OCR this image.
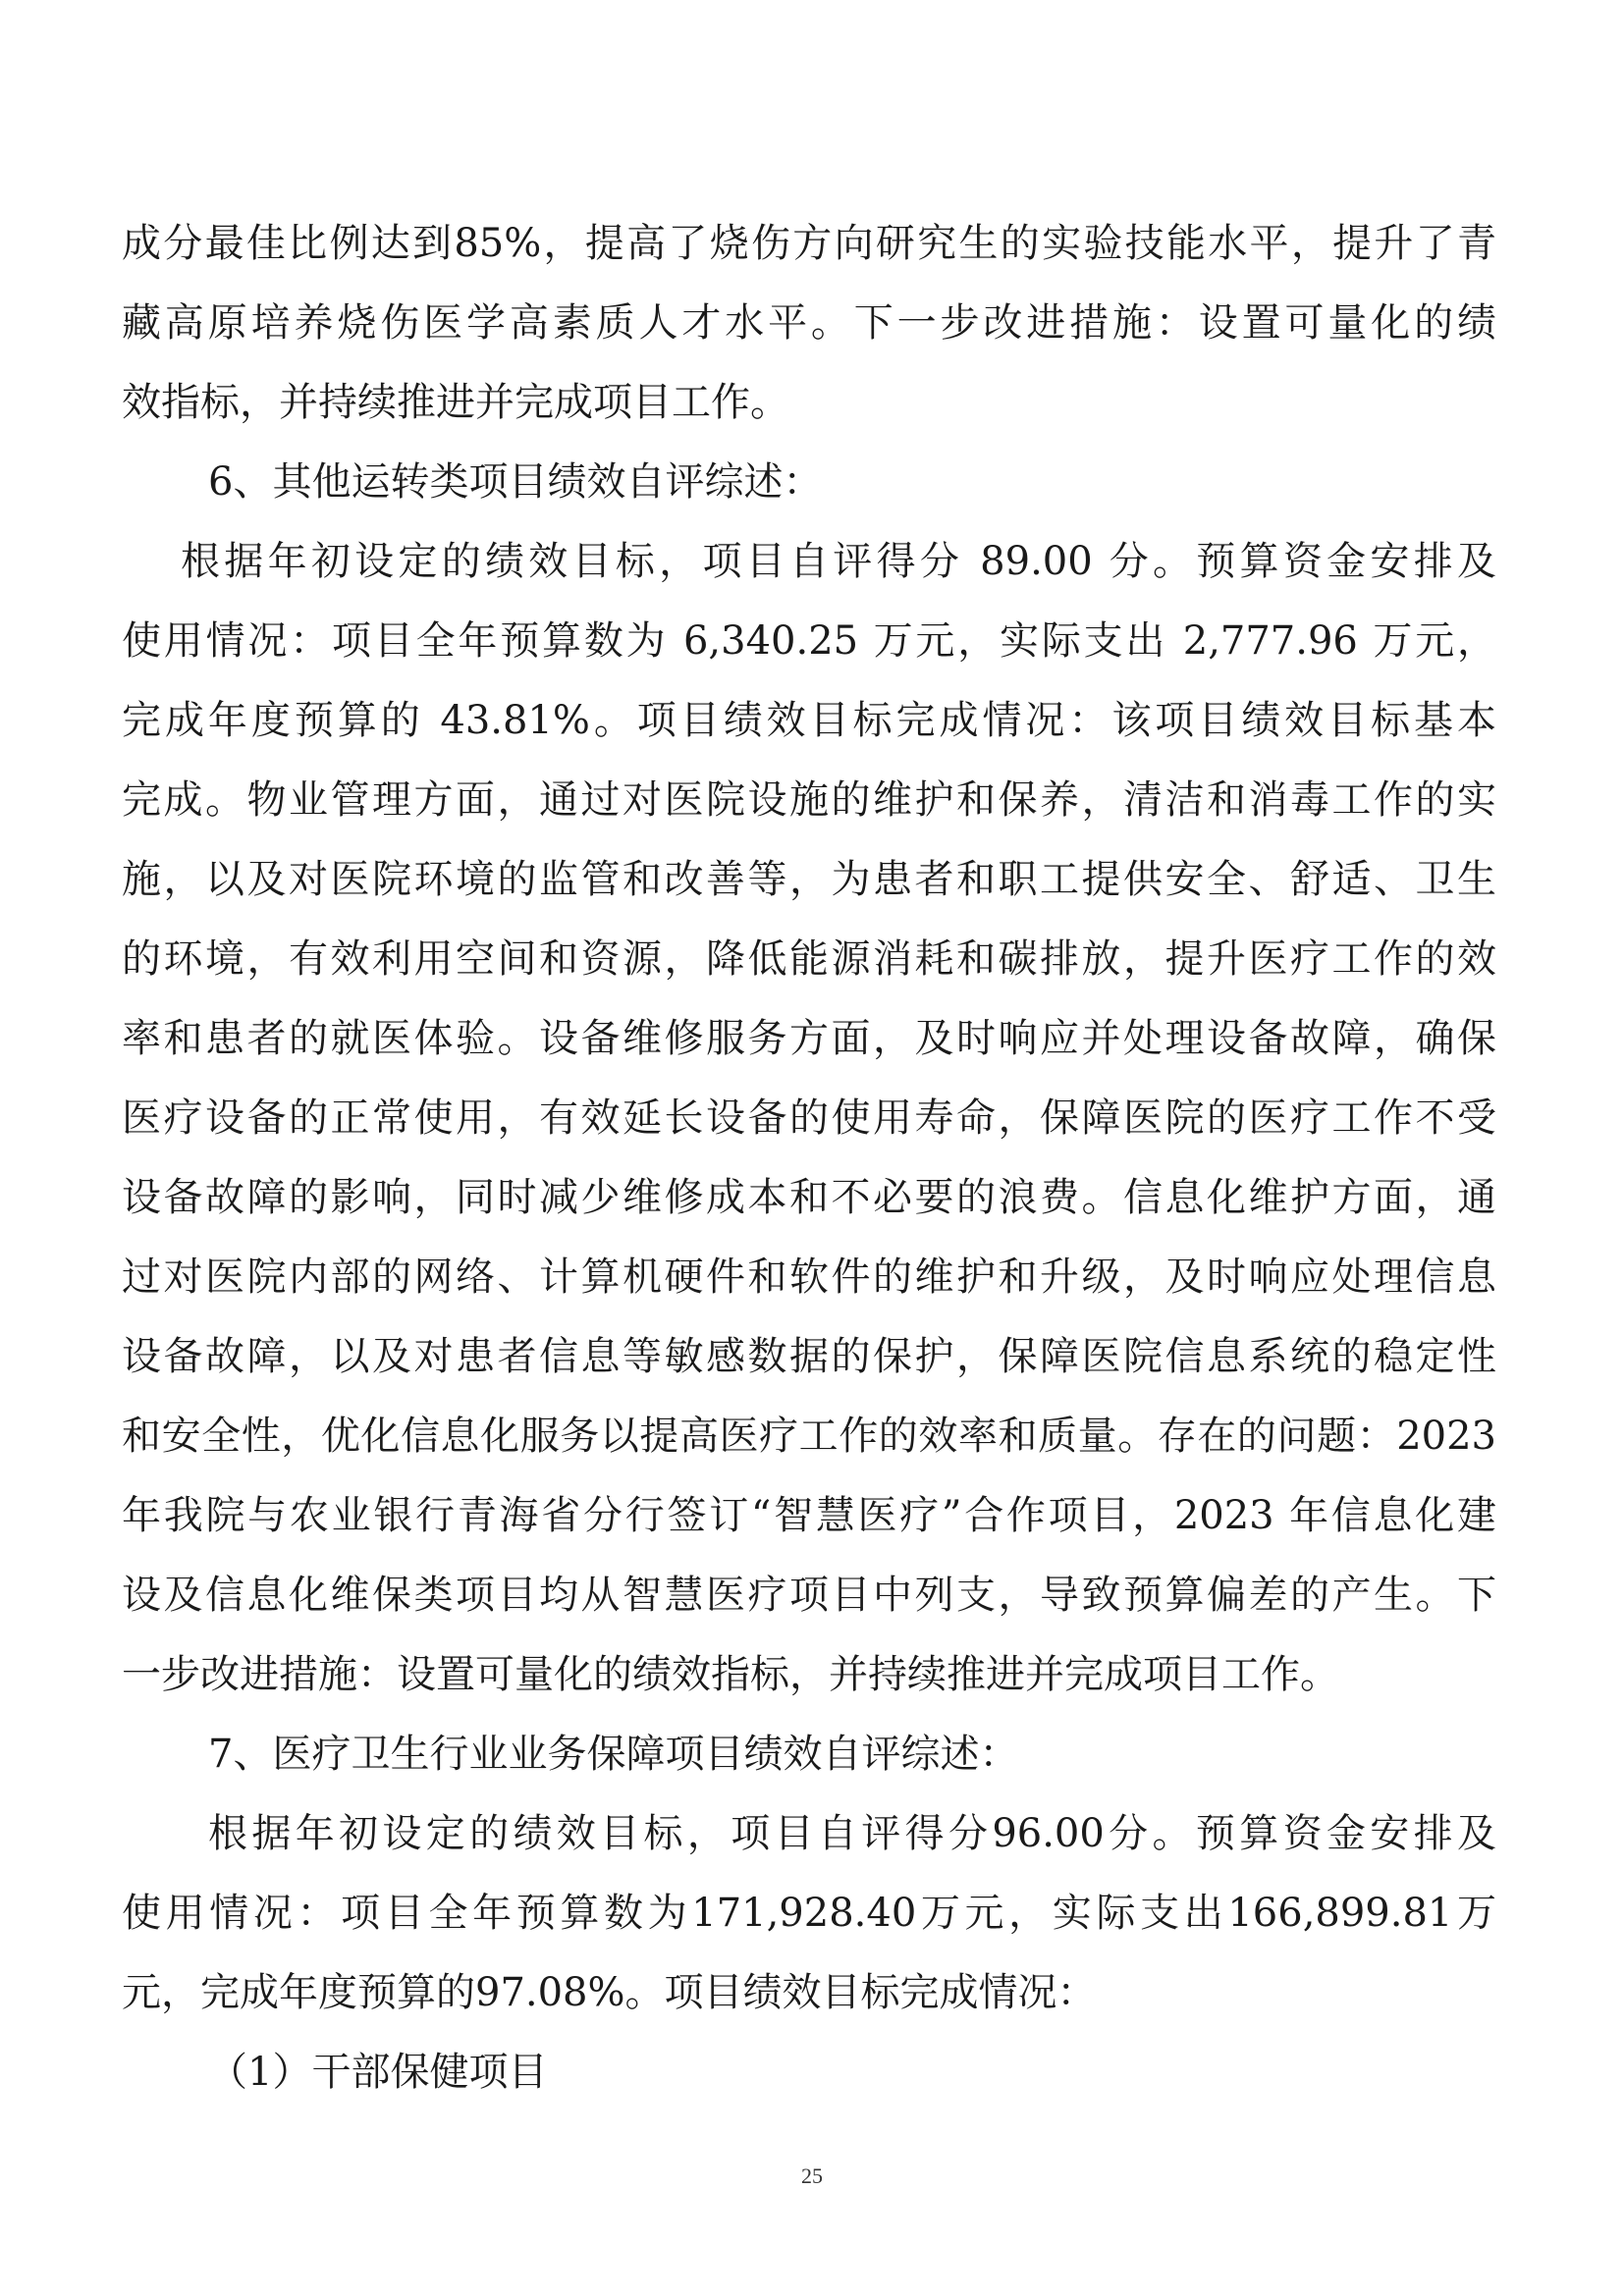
成分最佳比例达到85%，提高了烧伤方向研究生的实验技能水平，提升了青
藏高原培养烧伤医学高素质人才水平。下一步改进措施：设置可量化的绩
效指标，并持续推进并完成项目工作。
6、其他运转类项目绩效自评综述：
根据年初设定的绩效目标，项目自评得分 89.00 分。预算资金安排及
使用情况：项目全年预算数为 6,340.25 万元，实际支出 2,777.96 万元，
完成年度预算的 43.81%。项目绩效目标完成情况：该项目绩效目标基本
完成。物业管理方面，通过对医院设施的维护和保养，清洁和消毒工作的实
施，以及对医院环境的监管和改善等，为患者和职工提供安全、舒适、卫生
的环境，有效利用空间和资源，降低能源消耗和碳排放，提升医疗工作的效
率和患者的就医体验。设备维修服务方面，及时响应并处理设备故障，确保
医疗设备的正常使用，有效延长设备的使用寿命，保障医院的医疗工作不受
设备故障的影响，同时减少维修成本和不必要的浪费。信息化维护方面，通
过对医院内部的网络、计算机硬件和软件的维护和升级，及时响应处理信息
设备故障，以及对患者信息等敏感数据的保护，保障医院信息系统的稳定性
和安全性，优化信息化服务以提高医疗工作的效率和质量。存在的问题：2023
年我院与农业银行青海省分行签订“智慧医疗”合作项目，2023 年信息化建
设及信息化维保类项目均从智慧医疗项目中列支，导致预算偏差的产生。下
一步改进措施：设置可量化的绩效指标，并持续推进并完成项目工作。
7、医疗卫生行业业务保障项目绩效自评综述：
根据年初设定的绩效目标，项目自评得分96.00分。预算资金安排及
使用情况：项目全年预算数为171,928.40万元，实际支出166,899.81万
元，完成年度预算的97.08%。项目绩效目标完成情况：
（1）干部保健项目
25
